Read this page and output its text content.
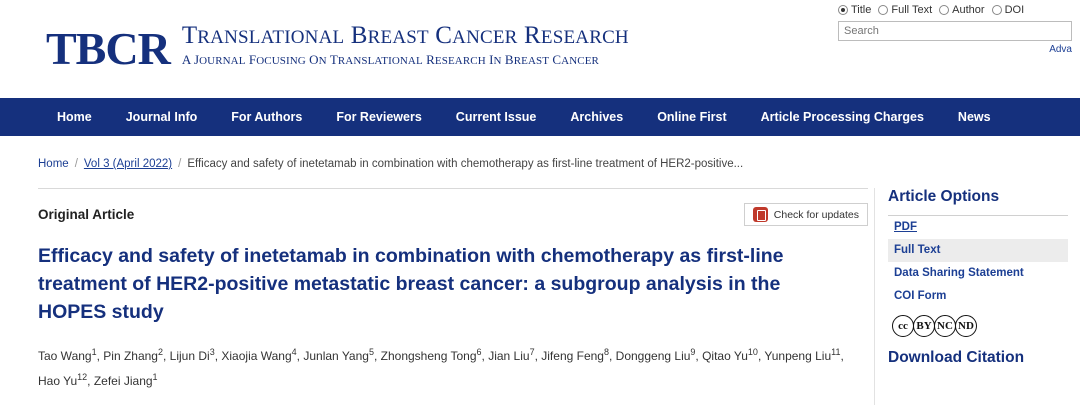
Title Full Text Author DOI
Search
Adva
TBCR TRANSLATIONAL BREAST CANCER RESEARCH
A JOURNAL FOCUSING ON TRANSLATIONAL RESEARCH IN BREAST CANCER
Home	Journal Info	For Authors	For Reviewers	Current Issue	Archives	Online First	Article Processing Charges	News
Home / Vol 3 (April 2022) / Efficacy and safety of inetetamab in combination with chemotherapy as first-line treatment of HER2-positive...
Original Article	Check for updates
Efficacy and safety of inetetamab in combination with chemotherapy as first-line treatment of HER2-positive metastatic breast cancer: a subgroup analysis in the HOPES study
Tao Wang$^1$, Pin Zhang$^2$, Lijun Di$^3$, Xiaojia Wang$^4$, Junlan Yang$^5$, Zhongsheng Tong$^6$, Jian Liu$^7$, Jifeng Feng$^8$, Donggeng Liu$^9$, Qitao Yu$^{10}$, Yunpeng Liu$^{11}$, Hao Yu$^{12}$, Zefei Jiang$^1$
Article Options
PDF
Full Text
Data Sharing Statement
COI Form
cc BY NC ND
Download Citation
